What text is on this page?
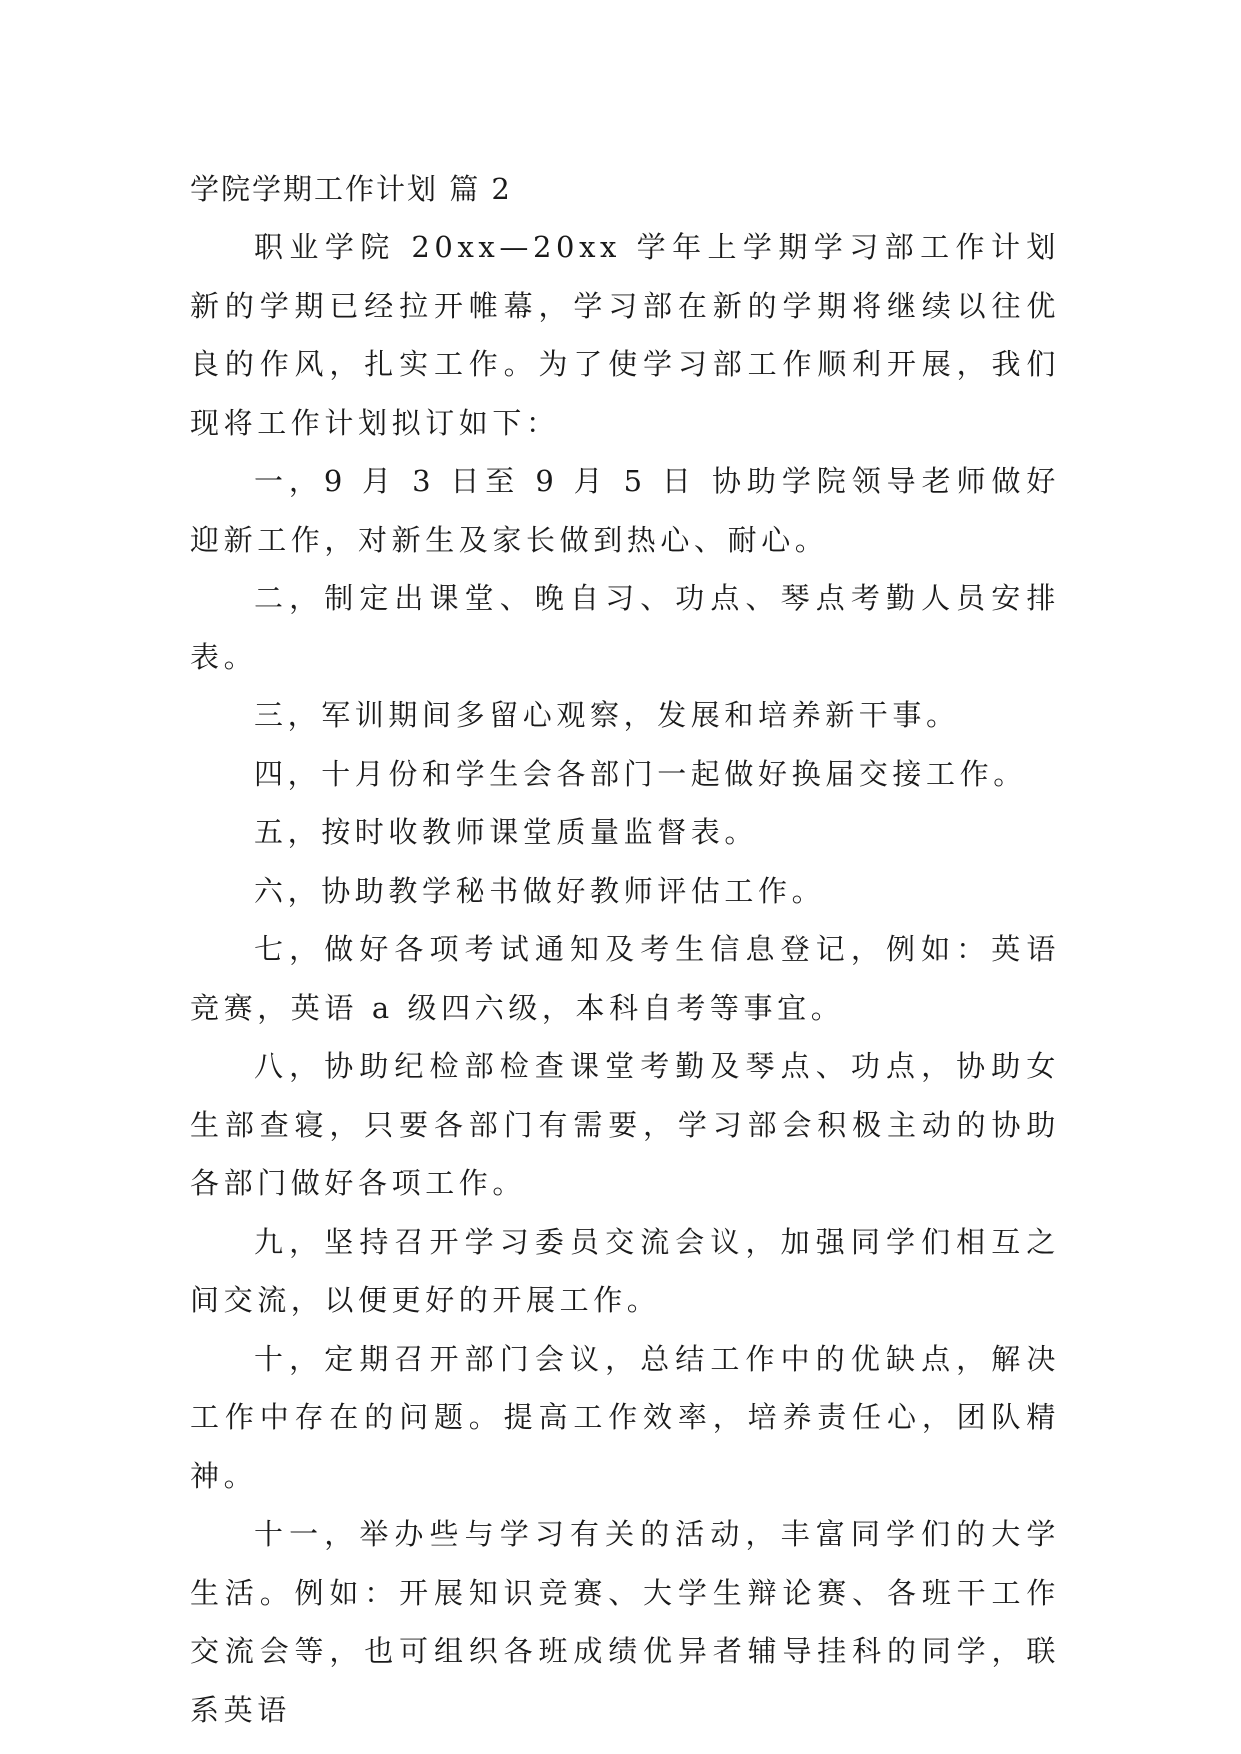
学院学期工作计划 篇 2

职业学院 20xx—20xx 学年上学期学习部工作计划新的学期已经拉开帷幕，学习部在新的学期将继续以往优良的作风，扎实工作。为了使学习部工作顺利开展，我们现将工作计划拟订如下：

一，9 月 3 日至 9 月 5 日 协助学院领导老师做好迎新工作，对新生及家长做到热心、耐心。

二，制定出课堂、晚自习、功点、琴点考勤人员安排表。

三，军训期间多留心观察，发展和培养新干事。

四，十月份和学生会各部门一起做好换届交接工作。

五，按时收教师课堂质量监督表。

六，协助教学秘书做好教师评估工作。

七，做好各项考试通知及考生信息登记，例如：英语竞赛，英语 a 级四六级，本科自考等事宜。

八，协助纪检部检查课堂考勤及琴点、功点，协助女生部查寝，只要各部门有需要，学习部会积极主动的协助各部门做好各项工作。

九，坚持召开学习委员交流会议，加强同学们相互之间交流，以便更好的开展工作。

十，定期召开部门会议，总结工作中的优缺点，解决工作中存在的问题。提高工作效率，培养责任心，团队精神。

十一，举办些与学习有关的活动，丰富同学们的大学生活。例如：开展知识竞赛、大学生辩论赛、各班干工作交流会等，也可组织各班成绩优异者辅导挂科的同学，联系英语
